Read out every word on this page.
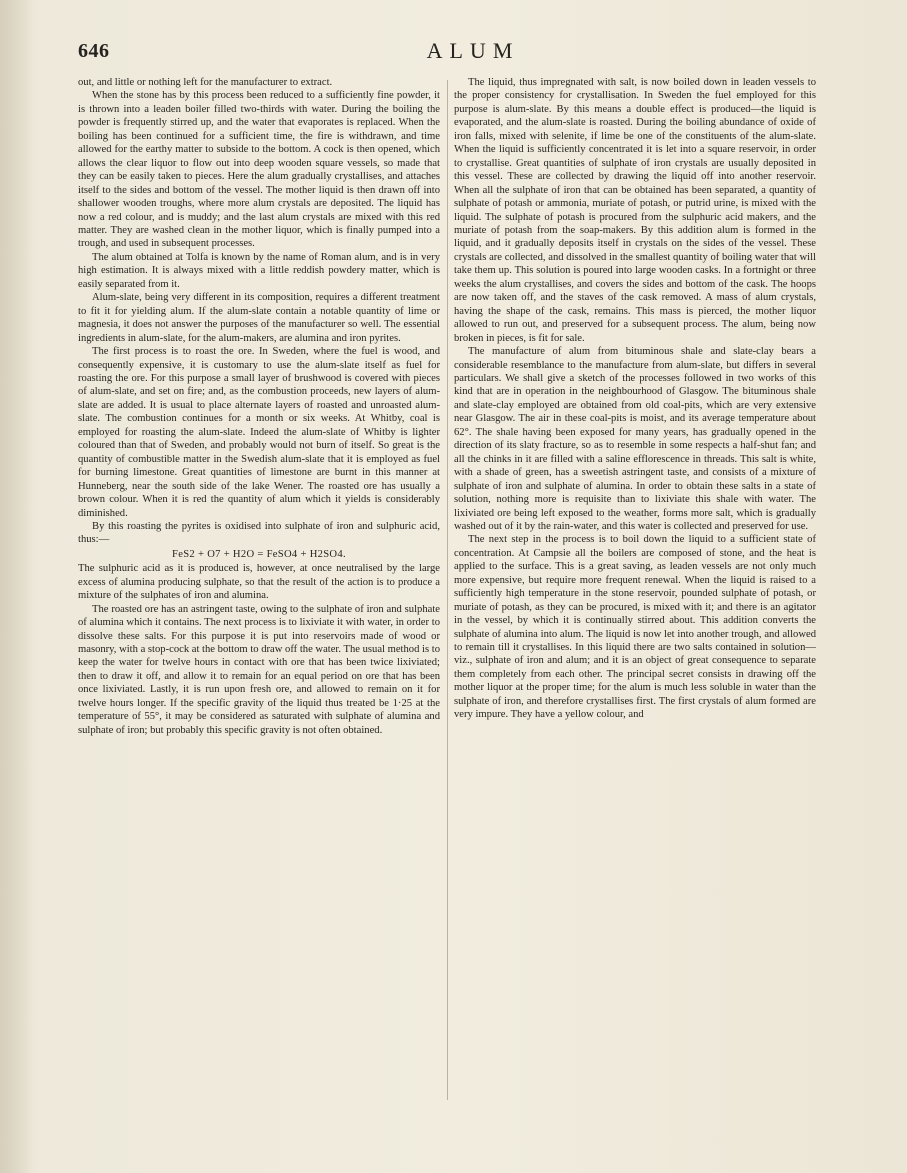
646	ALUM

out, and little or nothing left for the manufacturer to extract.

When the stone has by this process been reduced to a sufficiently fine powder, it is thrown into a leaden boiler filled two-thirds with water. During the boiling the powder is frequently stirred up, and the water that evaporates is replaced. When the boiling has been continued for a sufficient time, the fire is withdrawn, and time allowed for the earthy matter to subside to the bottom. A cock is then opened, which allows the clear liquor to flow out into deep wooden square vessels, so made that they can be easily taken to pieces. Here the alum gradually crystallises, and attaches itself to the sides and bottom of the vessel. The mother liquid is then drawn off into shallower wooden troughs, where more alum crystals are deposited. The liquid has now a red colour, and is muddy; and the last alum crystals are mixed with this red matter. They are washed clean in the mother liquor, which is finally pumped into a trough, and used in subsequent processes.

The alum obtained at Tolfa is known by the name of Roman alum, and is in very high estimation. It is always mixed with a little reddish powdery matter, which is easily separated from it.

Alum-slate, being very different in its composition, requires a different treatment to fit it for yielding alum. If the alum-slate contain a notable quantity of lime or magnesia, it does not answer the purposes of the manufacturer so well. The essential ingredients in alum-slate, for the alum-makers, are alumina and iron pyrites.

The first process is to roast the ore. In Sweden, where the fuel is wood, and consequently expensive, it is customary to use the alum-slate itself as fuel for roasting the ore. For this purpose a small layer of brushwood is covered with pieces of alum-slate, and set on fire; and, as the combustion proceeds, new layers of alum-slate are added. It is usual to place alternate layers of roasted and unroasted alum-slate. The combustion continues for a month or six weeks. At Whitby, coal is employed for roasting the alum-slate. Indeed the alum-slate of Whitby is lighter coloured than that of Sweden, and probably would not burn of itself. So great is the quantity of combustible matter in the Swedish alum-slate that it is employed as fuel for burning limestone. Great quantities of limestone are burnt in this manner at Hunneberg, near the south side of the lake Wener. The roasted ore has usually a brown colour. When it is red the quantity of alum which it yields is considerably diminished.

By this roasting the pyrites is oxidised into sulphate of iron and sulphuric acid, thus:—

FeS2 + O7 + H2O = FeSO4 + H2SO4.

The sulphuric acid as it is produced is, however, at once neutralised by the large excess of alumina producing sulphate, so that the result of the action is to produce a mixture of the sulphates of iron and alumina.

The roasted ore has an astringent taste, owing to the sulphate of iron and sulphate of alumina which it contains. The next process is to lixiviate it with water, in order to dissolve these salts. For this purpose it is put into reservoirs made of wood or masonry, with a stop-cock at the bottom to draw off the water. The usual method is to keep the water for twelve hours in contact with ore that has been twice lixiviated; then to draw it off, and allow it to remain for an equal period on ore that has been once lixiviated. Lastly, it is run upon fresh ore, and allowed to remain on it for twelve hours longer. If the specific gravity of the liquid thus treated be 1·25 at the temperature of 55°, it may be considered as saturated with sulphate of alumina and sulphate of iron; but probably this specific gravity is not often obtained.

The liquid, thus impregnated with salt, is now boiled down in leaden vessels to the proper consistency for crystallisation. In Sweden the fuel employed for this purpose is alum-slate. By this means a double effect is produced—the liquid is evaporated, and the alum-slate is roasted. During the boiling abundance of oxide of iron falls, mixed with selenite, if lime be one of the constituents of the alum-slate. When the liquid is sufficiently concentrated it is let into a square reservoir, in order to crystallise. Great quantities of sulphate of iron crystals are usually deposited in this vessel. These are collected by drawing the liquid off into another reservoir. When all the sulphate of iron that can be obtained has been separated, a quantity of sulphate of potash or ammonia, muriate of potash, or putrid urine, is mixed with the liquid. The sulphate of potash is procured from the sulphuric acid makers, and the muriate of potash from the soap-makers. By this addition alum is formed in the liquid, and it gradually deposits itself in crystals on the sides of the vessel. These crystals are collected, and dissolved in the smallest quantity of boiling water that will take them up. This solution is poured into large wooden casks. In a fortnight or three weeks the alum crystallises, and covers the sides and bottom of the cask. The hoops are now taken off, and the staves of the cask removed. A mass of alum crystals, having the shape of the cask, remains. This mass is pierced, the mother liquor allowed to run out, and preserved for a subsequent process. The alum, being now broken in pieces, is fit for sale.

The manufacture of alum from bituminous shale and slate-clay bears a considerable resemblance to the manufacture from alum-slate, but differs in several particulars. We shall give a sketch of the processes followed in two works of this kind that are in operation in the neighbourhood of Glasgow. The bituminous shale and slate-clay employed are obtained from old coal-pits, which are very extensive near Glasgow. The air in these coal-pits is moist, and its average temperature about 62°. The shale having been exposed for many years, has gradually opened in the direction of its slaty fracture, so as to resemble in some respects a half-shut fan; and all the chinks in it are filled with a saline efflorescence in threads. This salt is white, with a shade of green, has a sweetish astringent taste, and consists of a mixture of sulphate of iron and sulphate of alumina. In order to obtain these salts in a state of solution, nothing more is requisite than to lixiviate this shale with water. The lixiviated ore being left exposed to the weather, forms more salt, which is gradually washed out of it by the rain-water, and this water is collected and preserved for use.

The next step in the process is to boil down the liquid to a sufficient state of concentration. At Campsie all the boilers are composed of stone, and the heat is applied to the surface. This is a great saving, as leaden vessels are not only much more expensive, but require more frequent renewal. When the liquid is raised to a sufficiently high temperature in the stone reservoir, pounded sulphate of potash, or muriate of potash, as they can be procured, is mixed with it; and there is an agitator in the vessel, by which it is continually stirred about. This addition converts the sulphate of alumina into alum. The liquid is now let into another trough, and allowed to remain till it crystallises. In this liquid there are two salts contained in solution—viz., sulphate of iron and alum; and it is an object of great consequence to separate them completely from each other. The principal secret consists in drawing off the mother liquor at the proper time; for the alum is much less soluble in water than the sulphate of iron, and therefore crystallises first. The first crystals of alum formed are very impure. They have a yellow colour, and
